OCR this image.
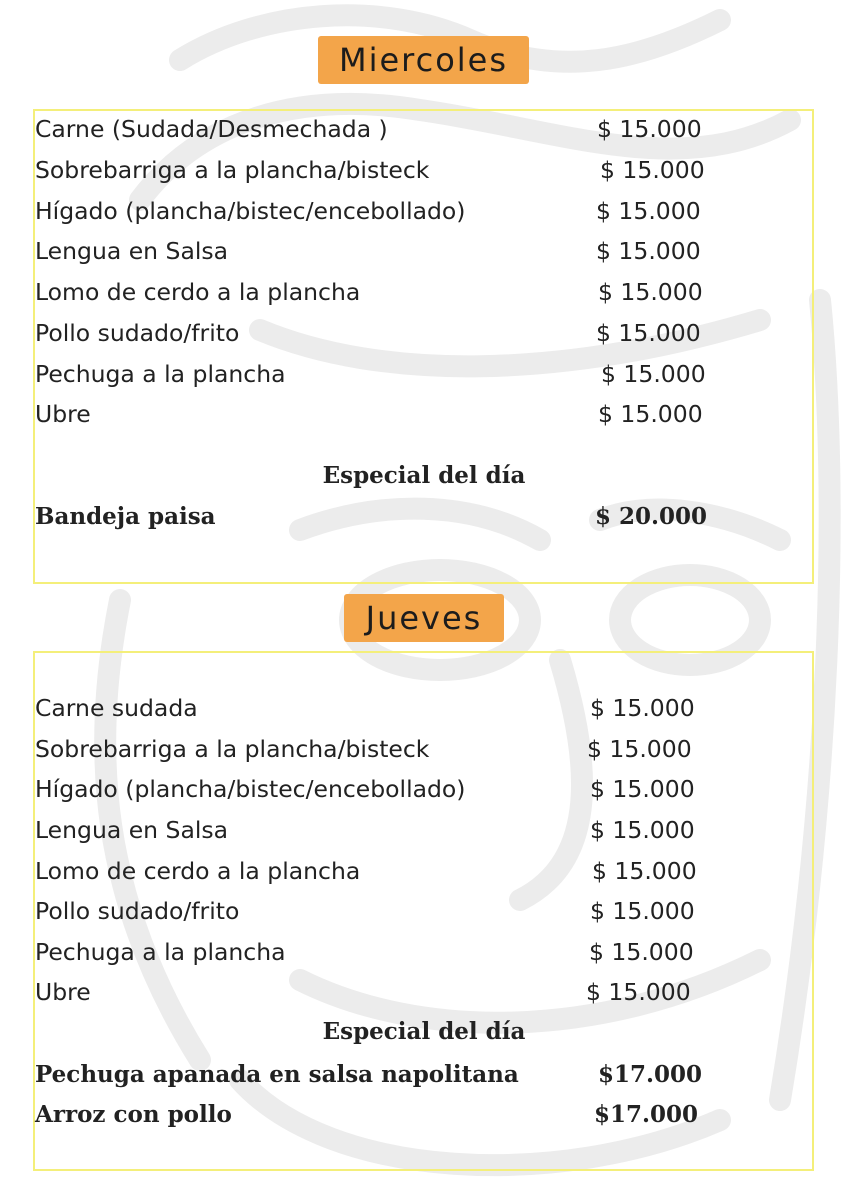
Miercoles
Carne (Sudada/Desmechada )	$ 15.000
Sobrebarriga a la plancha/bisteck	$ 15.000
Hígado (plancha/bistec/encebollado)	$ 15.000
Lengua en Salsa	$ 15.000
Lomo de cerdo a la plancha	$ 15.000
Pollo sudado/frito	$ 15.000
Pechuga a la plancha	$ 15.000
Ubre	$ 15.000
Especial del día
Bandeja paisa	$ 20.000
Jueves
Carne sudada	$ 15.000
Sobrebarriga a la plancha/bisteck	$ 15.000
Hígado (plancha/bistec/encebollado)	$ 15.000
Lengua en Salsa	$ 15.000
Lomo de cerdo a la plancha	$ 15.000
Pollo sudado/frito	$ 15.000
Pechuga a la plancha	$ 15.000
Ubre	$ 15.000
Especial del día
Pechuga apanada en salsa napolitana	$17.000
Arroz con pollo	$17.000
